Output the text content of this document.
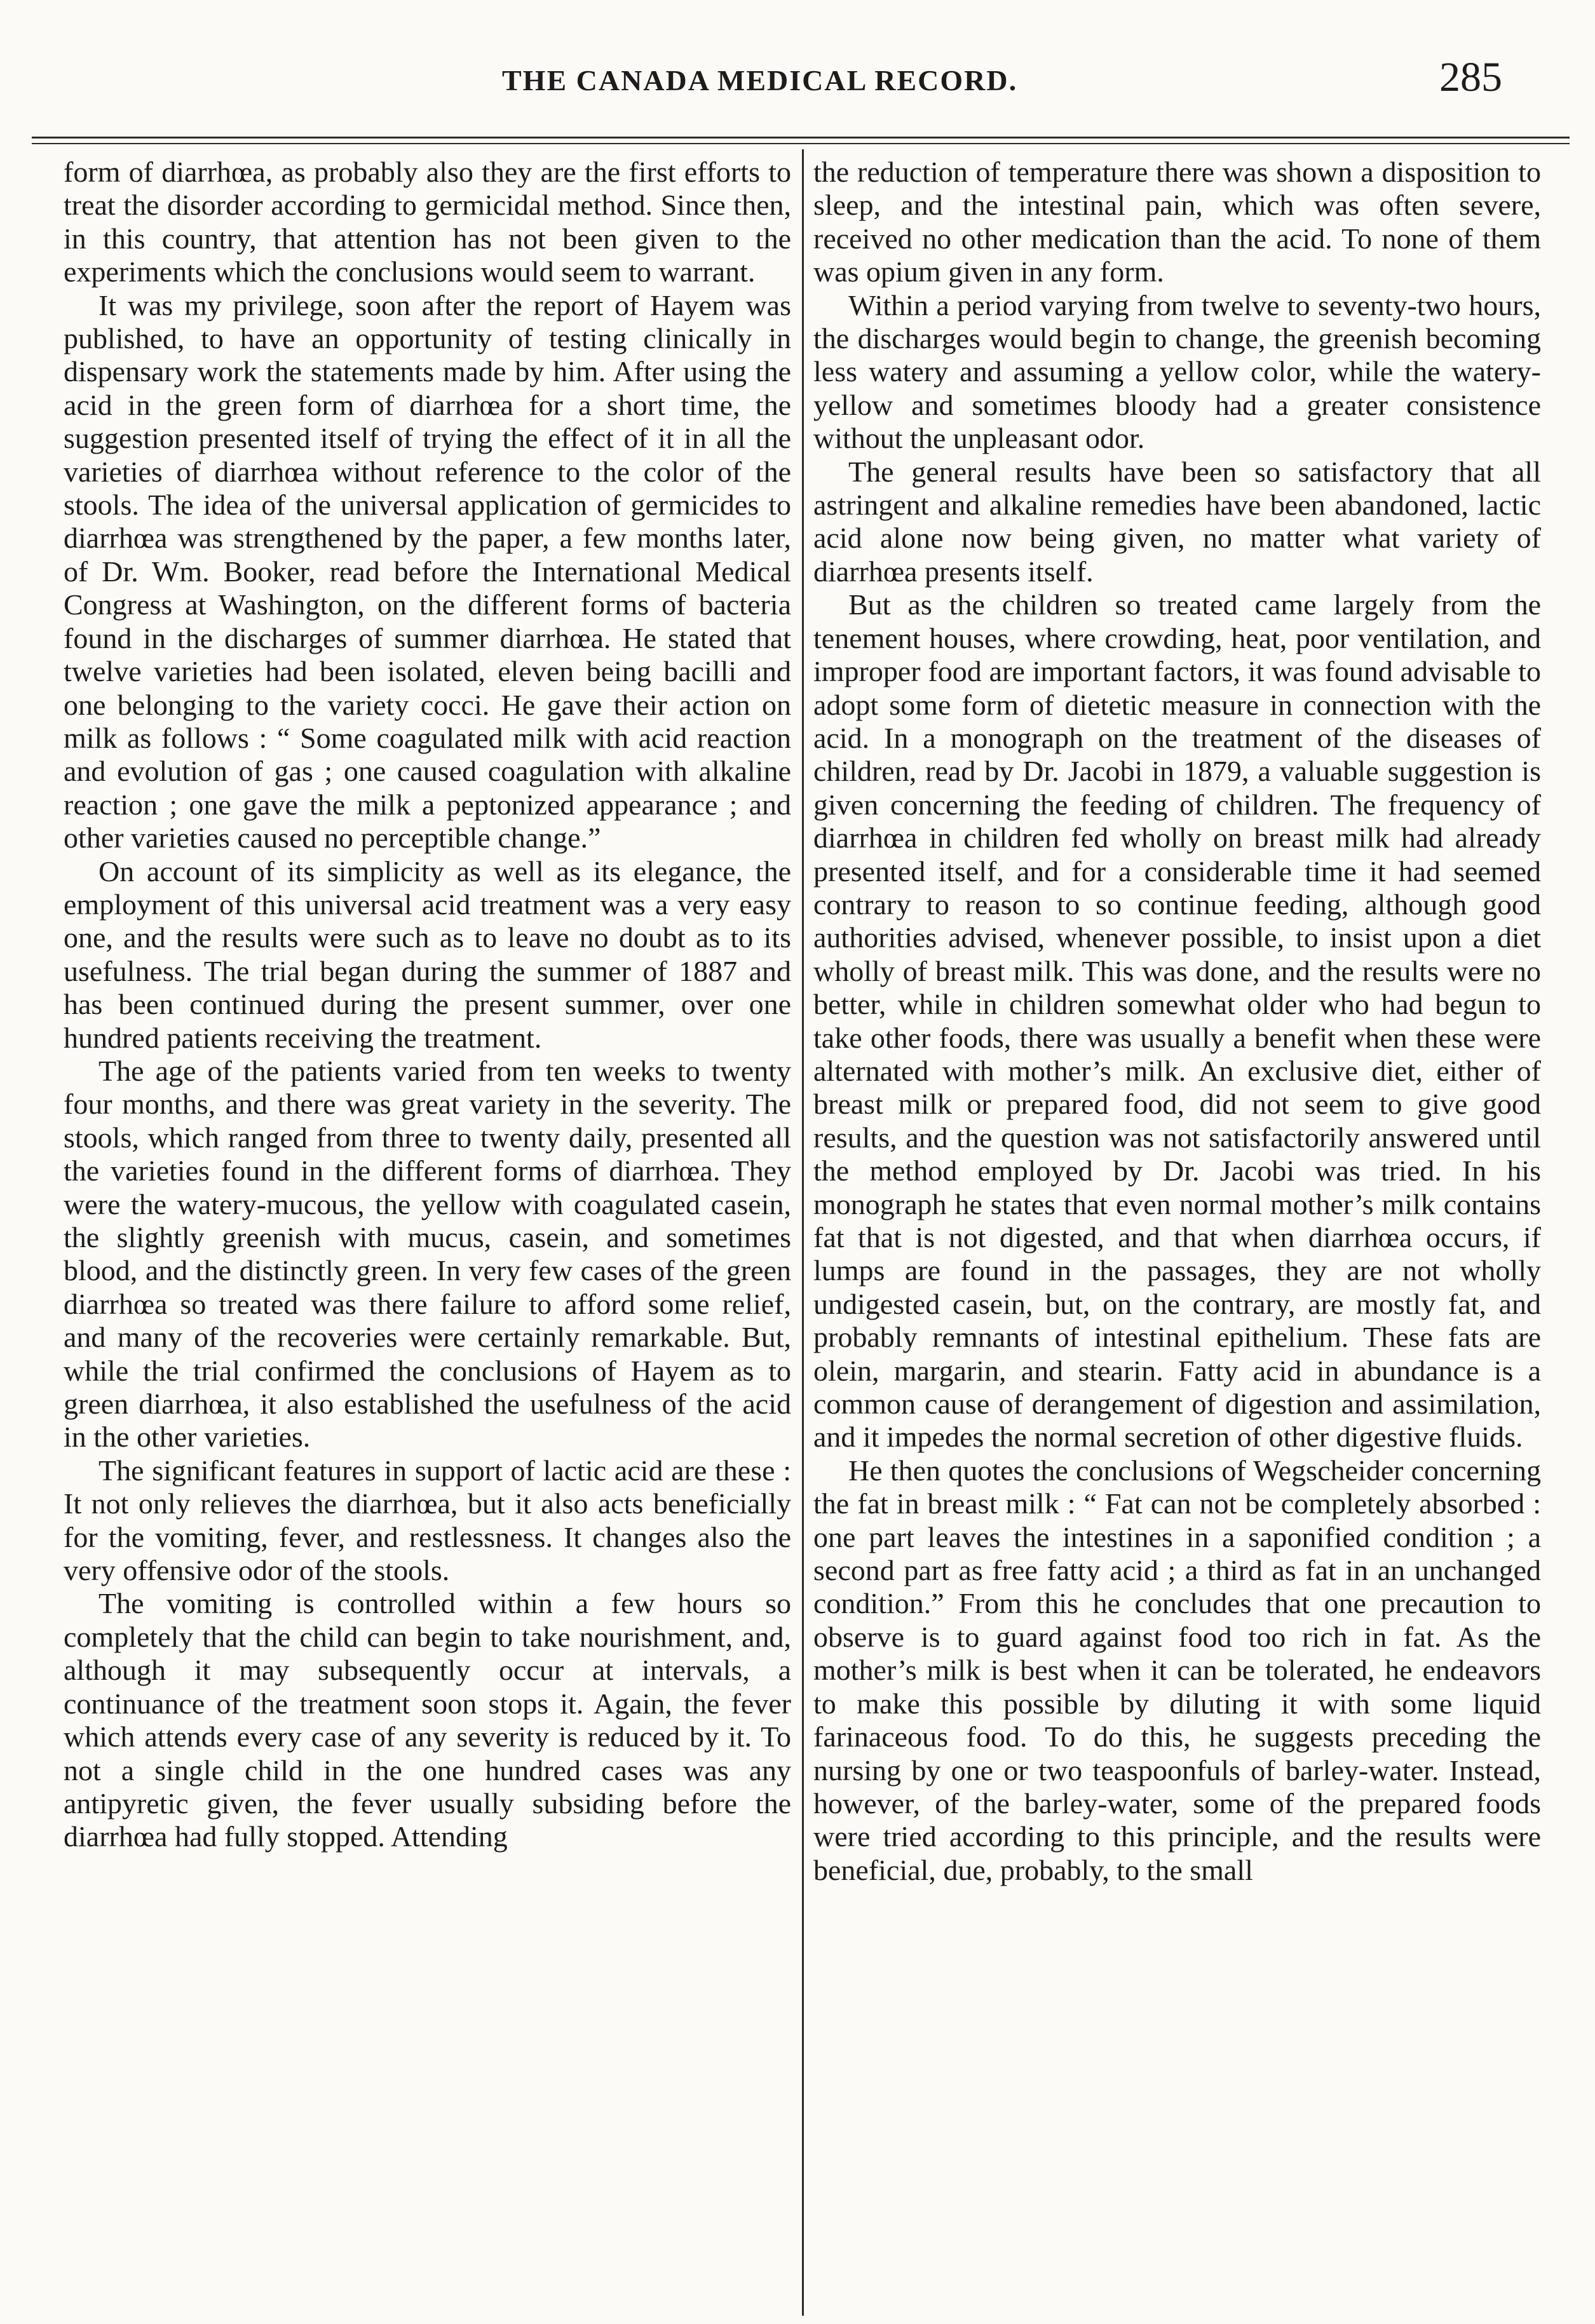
THE CANADA MEDICAL RECORD.	285

form of diarrhœa, as probably also they are the first efforts to treat the disorder according to germicidal method. Since then, in this country, that attention has not been given to the experiments which the conclusions would seem to warrant.

It was my privilege, soon after the report of Hayem was published, to have an opportunity of testing clinically in dispensary work the statements made by him. After using the acid in the green form of diarrhœa for a short time, the suggestion presented itself of trying the effect of it in all the varieties of diarrhœa without reference to the color of the stools. The idea of the universal application of germicides to diarrhœa was strengthened by the paper, a few months later, of Dr. Wm. Booker, read before the International Medical Congress at Washington, on the different forms of bacteria found in the discharges of summer diarrhœa. He stated that twelve varieties had been isolated, eleven being bacilli and one belonging to the variety cocci. He gave their action on milk as follows : “ Some coagulated milk with acid reaction and evolution of gas ; one caused coagulation with alkaline reaction ; one gave the milk a peptonized appearance ; and other varieties caused no perceptible change.”

On account of its simplicity as well as its elegance, the employment of this universal acid treatment was a very easy one, and the results were such as to leave no doubt as to its usefulness. The trial began during the summer of 1887 and has been continued during the present summer, over one hundred patients receiving the treatment.

The age of the patients varied from ten weeks to twenty four months, and there was great variety in the severity. The stools, which ranged from three to twenty daily, presented all the varieties found in the different forms of diarrhœa. They were the watery-mucous, the yellow with coagulated casein, the slightly greenish with mucus, casein, and sometimes blood, and the distinctly green. In very few cases of the green diarrhœa so treated was there failure to afford some relief, and many of the recoveries were certainly remarkable. But, while the trial confirmed the conclusions of Hayem as to green diarrhœa, it also established the usefulness of the acid in the other varieties.

The significant features in support of lactic acid are these : It not only relieves the diarrhœa, but it also acts beneficially for the vomiting, fever, and restlessness. It changes also the very offensive odor of the stools.

The vomiting is controlled within a few hours so completely that the child can begin to take nourishment, and, although it may subsequently occur at intervals, a continuance of the treatment soon stops it. Again, the fever which attends every case of any severity is reduced by it. To not a single child in the one hundred cases was any antipyretic given, the fever usually subsiding before the diarrhœa had fully stopped. Attending

the reduction of temperature there was shown a disposition to sleep, and the intestinal pain, which was often severe, received no other medication than the acid. To none of them was opium given in any form.

Within a period varying from twelve to seventy-two hours, the discharges would begin to change, the greenish becoming less watery and assuming a yellow color, while the watery-yellow and sometimes bloody had a greater consistence without the unpleasant odor.

The general results have been so satisfactory that all astringent and alkaline remedies have been abandoned, lactic acid alone now being given, no matter what variety of diarrhœa presents itself.

But as the children so treated came largely from the tenement houses, where crowding, heat, poor ventilation, and improper food are important factors, it was found advisable to adopt some form of dietetic measure in connection with the acid. In a monograph on the treatment of the diseases of children, read by Dr. Jacobi in 1879, a valuable suggestion is given concerning the feeding of children. The frequency of diarrhœa in children fed wholly on breast milk had already presented itself, and for a considerable time it had seemed contrary to reason to so continue feeding, although good authorities advised, whenever possible, to insist upon a diet wholly of breast milk. This was done, and the results were no better, while in children somewhat older who had begun to take other foods, there was usually a benefit when these were alternated with mother’s milk. An exclusive diet, either of breast milk or prepared food, did not seem to give good results, and the question was not satisfactorily answered until the method employed by Dr. Jacobi was tried. In his monograph he states that even normal mother’s milk contains fat that is not digested, and that when diarrhœa occurs, if lumps are found in the passages, they are not wholly undigested casein, but, on the contrary, are mostly fat, and probably remnants of intestinal epithelium. These fats are olein, margarin, and stearin. Fatty acid in abundance is a common cause of derangement of digestion and assimilation, and it impedes the normal secretion of other digestive fluids.

He then quotes the conclusions of Wegscheider concerning the fat in breast milk : “ Fat can not be completely absorbed : one part leaves the intestines in a saponified condition ; a second part as free fatty acid ; a third as fat in an unchanged condition.” From this he concludes that one precaution to observe is to guard against food too rich in fat. As the mother’s milk is best when it can be tolerated, he endeavors to make this possible by diluting it with some liquid farinaceous food. To do this, he suggests preceding the nursing by one or two teaspoonfuls of barley-water. Instead, however, of the barley-water, some of the prepared foods were tried according to this principle, and the results were beneficial, due, probably, to the small
